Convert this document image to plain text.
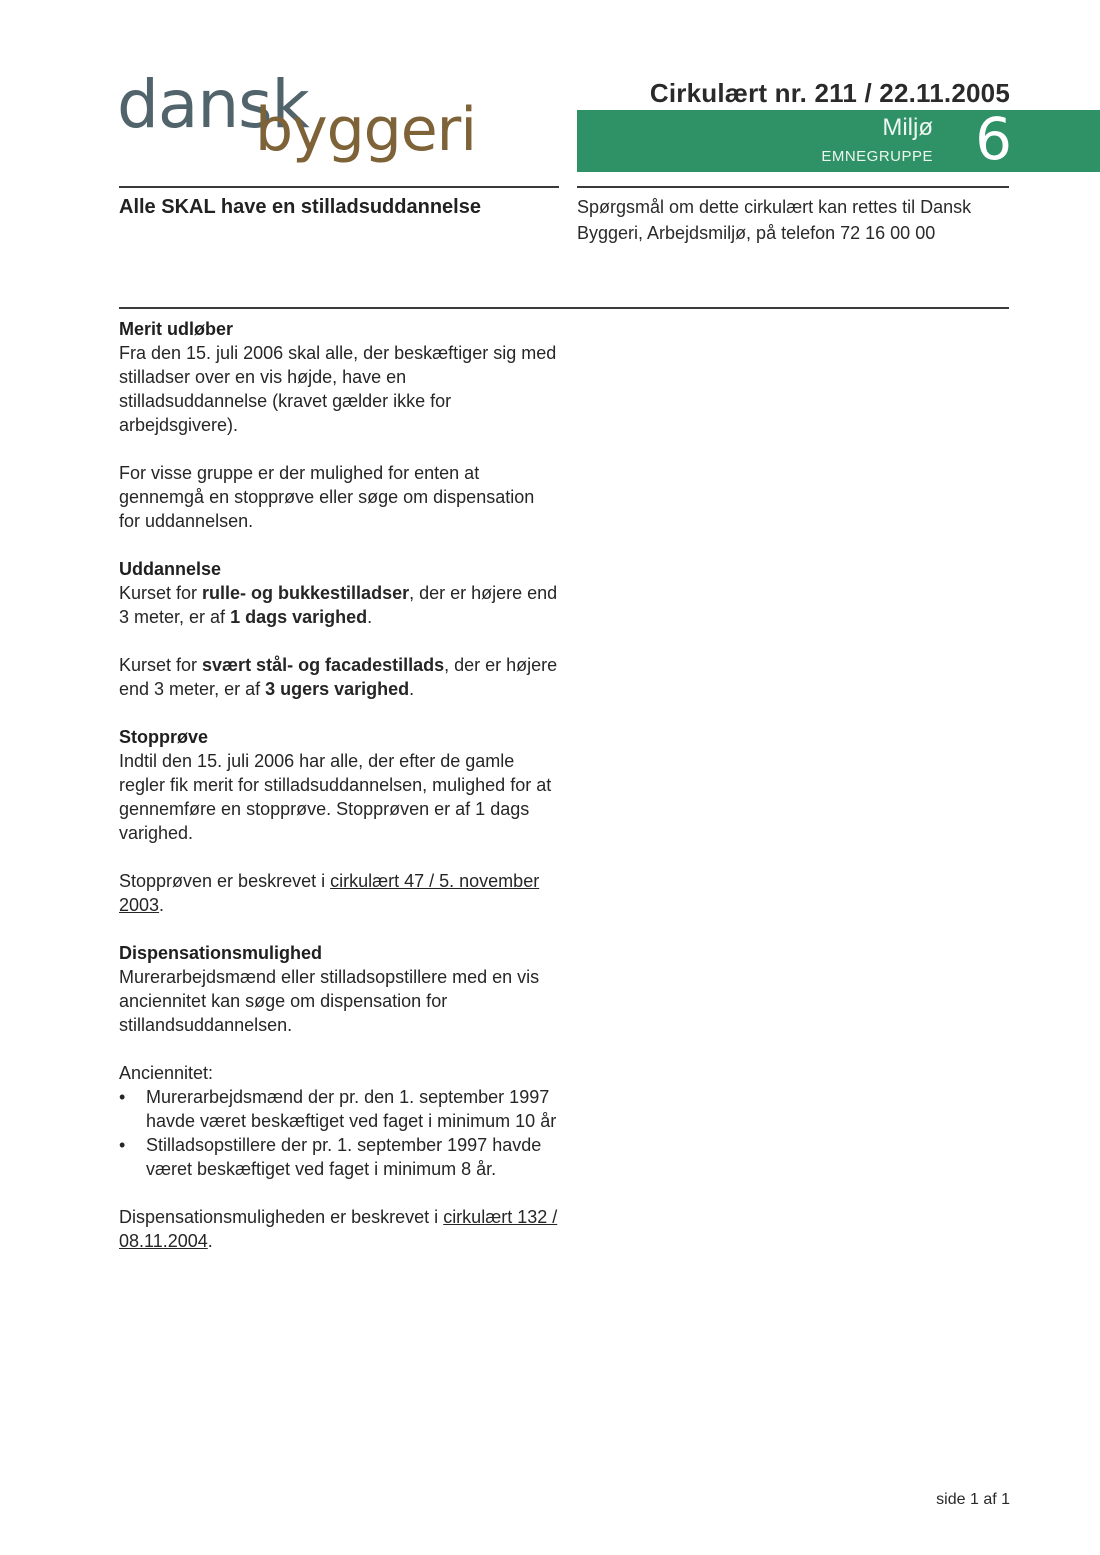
dansk
byggeri
Cirkulært nr. 211 / 22.11.2005
Miljø
EMNEGRUPPE 6
Alle SKAL have en stilladsuddannelse	Spørgsmål om dette cirkulært kan rettes til Dansk Byggeri, Arbejdsmiljø, på telefon 72 16 00 00
Merit udløber

Fra den 15. juli 2006 skal alle, der beskæftiger sig med stilladser over en vis højde, have en stilladsuddannelse (kravet gælder ikke for arbejdsgivere).

For visse gruppe er der mulighed for enten at gennemgå en stopprøve eller søge om dispensation for uddannelsen.

Uddannelse

Kurset for rulle- og bukkestilladser, der er højere end 3 meter, er af 1 dags varighed.

Kurset for svært stål- og facadestillads, der er højere end 3 meter, er af 3 ugers varighed.

Stopprøve

Indtil den 15. juli 2006 har alle, der efter de gamle regler fik merit for stilladsuddannelsen, mulighed for at gennemføre en stopprøve. Stopprøven er af 1 dags varighed.

Stopprøven er beskrevet i cirkulært 47 / 5. november 2003.

Dispensationsmulighed

Murerarbejdsmænd eller stilladsopstillere med en vis anciennitet kan søge om dispensation for stillandsuddannelsen.

Anciennitet:
• Murerarbejdsmænd der pr. den 1. september 1997 havde været beskæftiget ved faget i minimum 10 år
• Stilladsopstillere der pr. 1. september 1997 havde været beskæftiget ved faget i minimum 8 år.

Dispensationsmuligheden er beskrevet i cirkulært 132 / 08.11.2004.

side 1 af 1
